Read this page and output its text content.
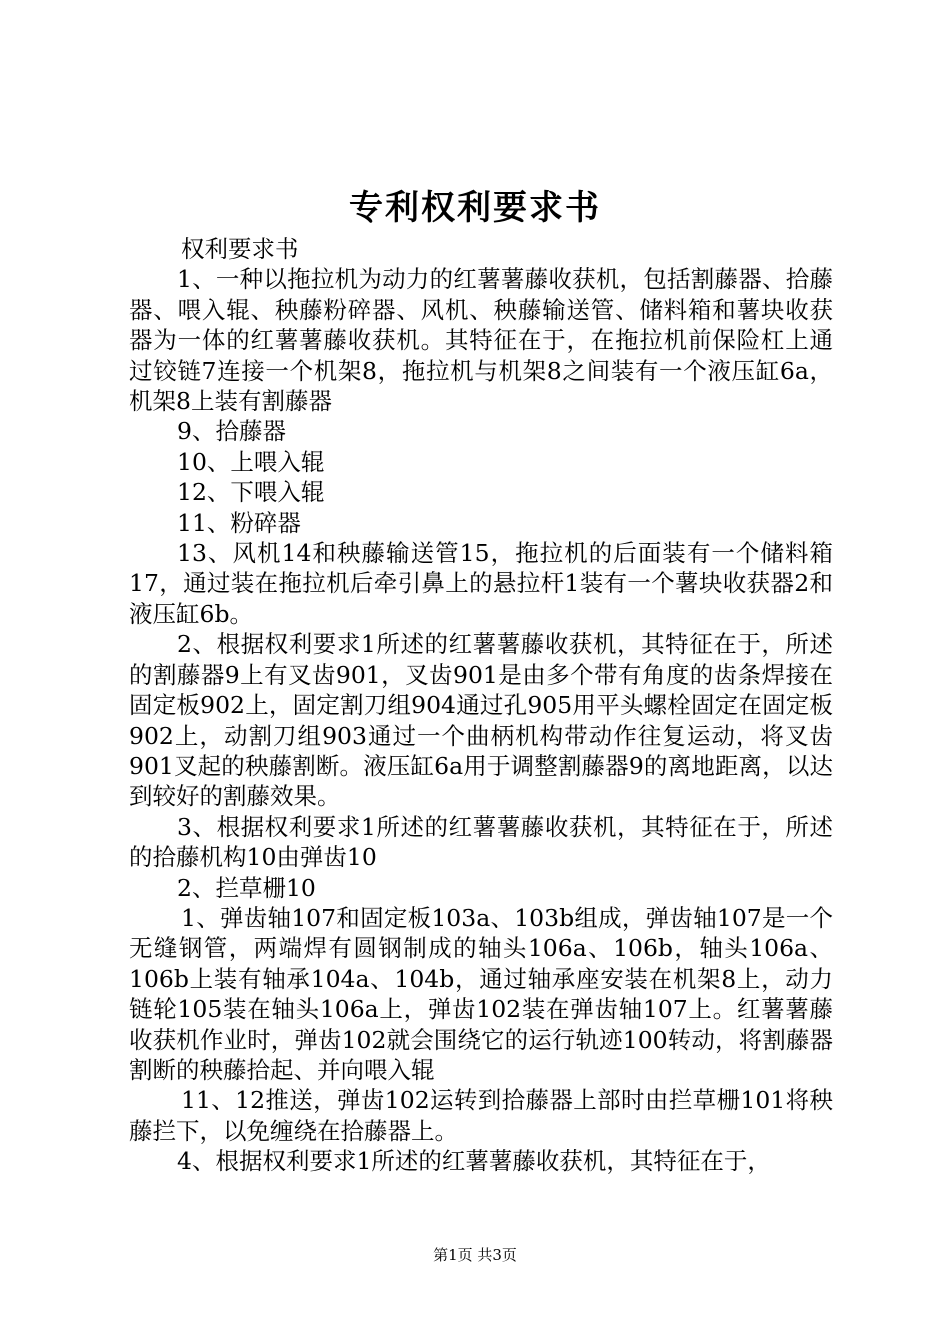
专利权利要求书

权利要求书

1、一种以拖拉机为动力的红薯薯藤收获机，包括割藤器、拾藤器、喂入辊、秧藤粉碎器、风机、秧藤输送管、储料箱和薯块收获器为一体的红薯薯藤收获机。其特征在于，在拖拉机前保险杠上通过铰链7连接一个机架8，拖拉机与机架8之间装有一个液压缸6a，机架8上装有割藤器

9、拾藤器

10、上喂入辊

12、下喂入辊

11、粉碎器

13、风机14和秧藤输送管15，拖拉机的后面装有一个储料箱17，通过装在拖拉机后牵引鼻上的悬拉杆1装有一个薯块收获器2和液压缸6b。

2、根据权利要求1所述的红薯薯藤收获机，其特征在于，所述的割藤器9上有叉齿901，叉齿901是由多个带有角度的齿条焊接在固定板902上，固定割刀组904通过孔905用平头螺栓固定在固定板902上，动割刀组903通过一个曲柄机构带动作往复运动，将叉齿901叉起的秧藤割断。液压缸6a用于调整割藤器9的离地距离，以达到较好的割藤效果。

3、根据权利要求1所述的红薯薯藤收获机，其特征在于，所述的拾藤机构10由弹齿10

2、拦草栅10

1、弹齿轴107和固定板103a、103b组成，弹齿轴107是一个无缝钢管，两端焊有圆钢制成的轴头106a、106b，轴头106a、106b上装有轴承104a、104b，通过轴承座安装在机架8上，动力链轮105装在轴头106a上，弹齿102装在弹齿轴107上。红薯薯藤收获机作业时，弹齿102就会围绕它的运行轨迹100转动，将割藤器割断的秧藤拾起、并向喂入辊

11、12推送，弹齿102运转到拾藤器上部时由拦草栅101将秧藤拦下，以免缠绕在拾藤器上。

4、根据权利要求1所述的红薯薯藤收获机，其特征在于，

第1页 共3页
